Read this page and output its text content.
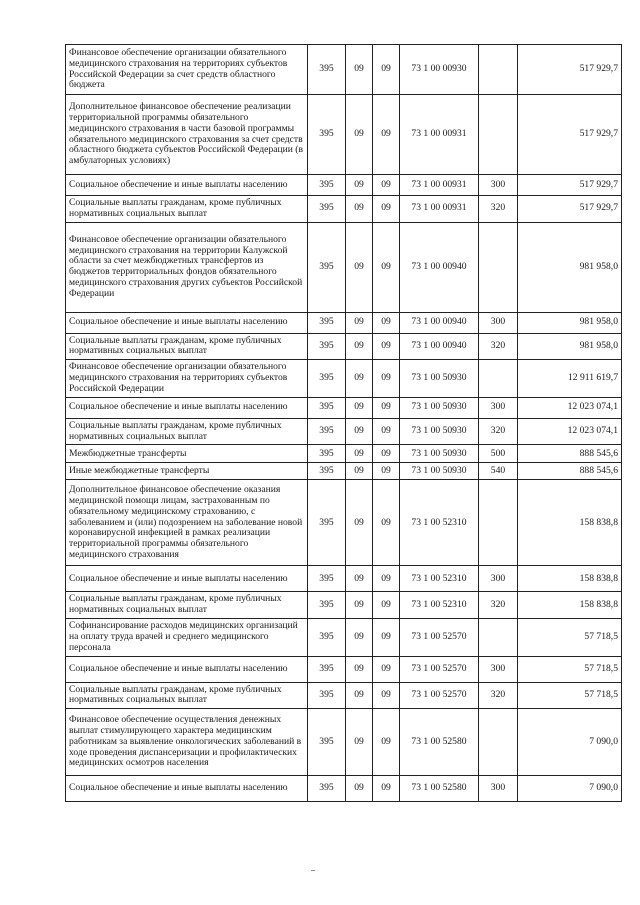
Финансовое обеспечение организации обязательного медицинского страхования на территориях субъектов Российской Федерации за счет средств областного бюджета	395	09	09	73 1 00 00930		517 929,7
Дополнительное финансовое обеспечение реализации территориальной программы обязательного медицинского страхования в части базовой программы обязательного медицинского страхования за счет средств областного бюджета субъектов Российской Федерации (в амбулаторных условиях)	395	09	09	73 1 00 00931		517 929,7
Социальное обеспечение и иные выплаты населению	395	09	09	73 1 00 00931	300	517 929,7
Социальные выплаты гражданам, кроме публичных нормативных социальных выплат	395	09	09	73 1 00 00931	320	517 929,7
Финансовое обеспечение организации обязательного медицинского страхования на территории Калужской области за счет межбюджетных трансфертов из бюджетов территориальных фондов обязательного медицинского страхования других субъектов Российской Федерации	395	09	09	73 1 00 00940		981 958,0
Социальное обеспечение и иные выплаты населению	395	09	09	73 1 00 00940	300	981 958,0
Социальные выплаты гражданам, кроме публичных нормативных социальных выплат	395	09	09	73 1 00 00940	320	981 958,0
Финансовое обеспечение организации обязательного медицинского страхования на территориях субъектов Российской Федерации	395	09	09	73 1 00 50930		12 911 619,7
Социальное обеспечение и иные выплаты населению	395	09	09	73 1 00 50930	300	12 023 074,1
Социальные выплаты гражданам, кроме публичных нормативных социальных выплат	395	09	09	73 1 00 50930	320	12 023 074,1
Межбюджетные трансферты	395	09	09	73 1 00 50930	500	888 545,6
Иные межбюджетные трансферты	395	09	09	73 1 00 50930	540	888 545,6
Дополнительное финансовое обеспечение оказания медицинской помощи лицам, застрахованным по обязательному медицинскому страхованию, с заболеванием и (или) подозрением на заболевание новой коронавирусной инфекцией в рамках реализации территориальной программы обязательного медицинского страхования	395	09	09	73 1 00 52310		158 838,8
Социальное обеспечение и иные выплаты населению	395	09	09	73 1 00 52310	300	158 838,8
Социальные выплаты гражданам, кроме публичных нормативных социальных выплат	395	09	09	73 1 00 52310	320	158 838,8
Софинансирование расходов медицинских организаций на оплату труда врачей и среднего медицинского персонала	395	09	09	73 1 00 52570		57 718,5
Социальное обеспечение и иные выплаты населению	395	09	09	73 1 00 52570	300	57 718,5
Социальные выплаты гражданам, кроме публичных нормативных социальных выплат	395	09	09	73 1 00 52570	320	57 718,5
Финансовое обеспечение осуществления денежных выплат стимулирующего характера медицинским работникам за выявление онкологических заболеваний в ходе проведения диспансеризации и профилактических медицинских осмотров населения	395	09	09	73 1 00 52580		7 090,0
Социальное обеспечение и иные выплаты населению	395	09	09	73 1 00 52580	300	7 090,0
